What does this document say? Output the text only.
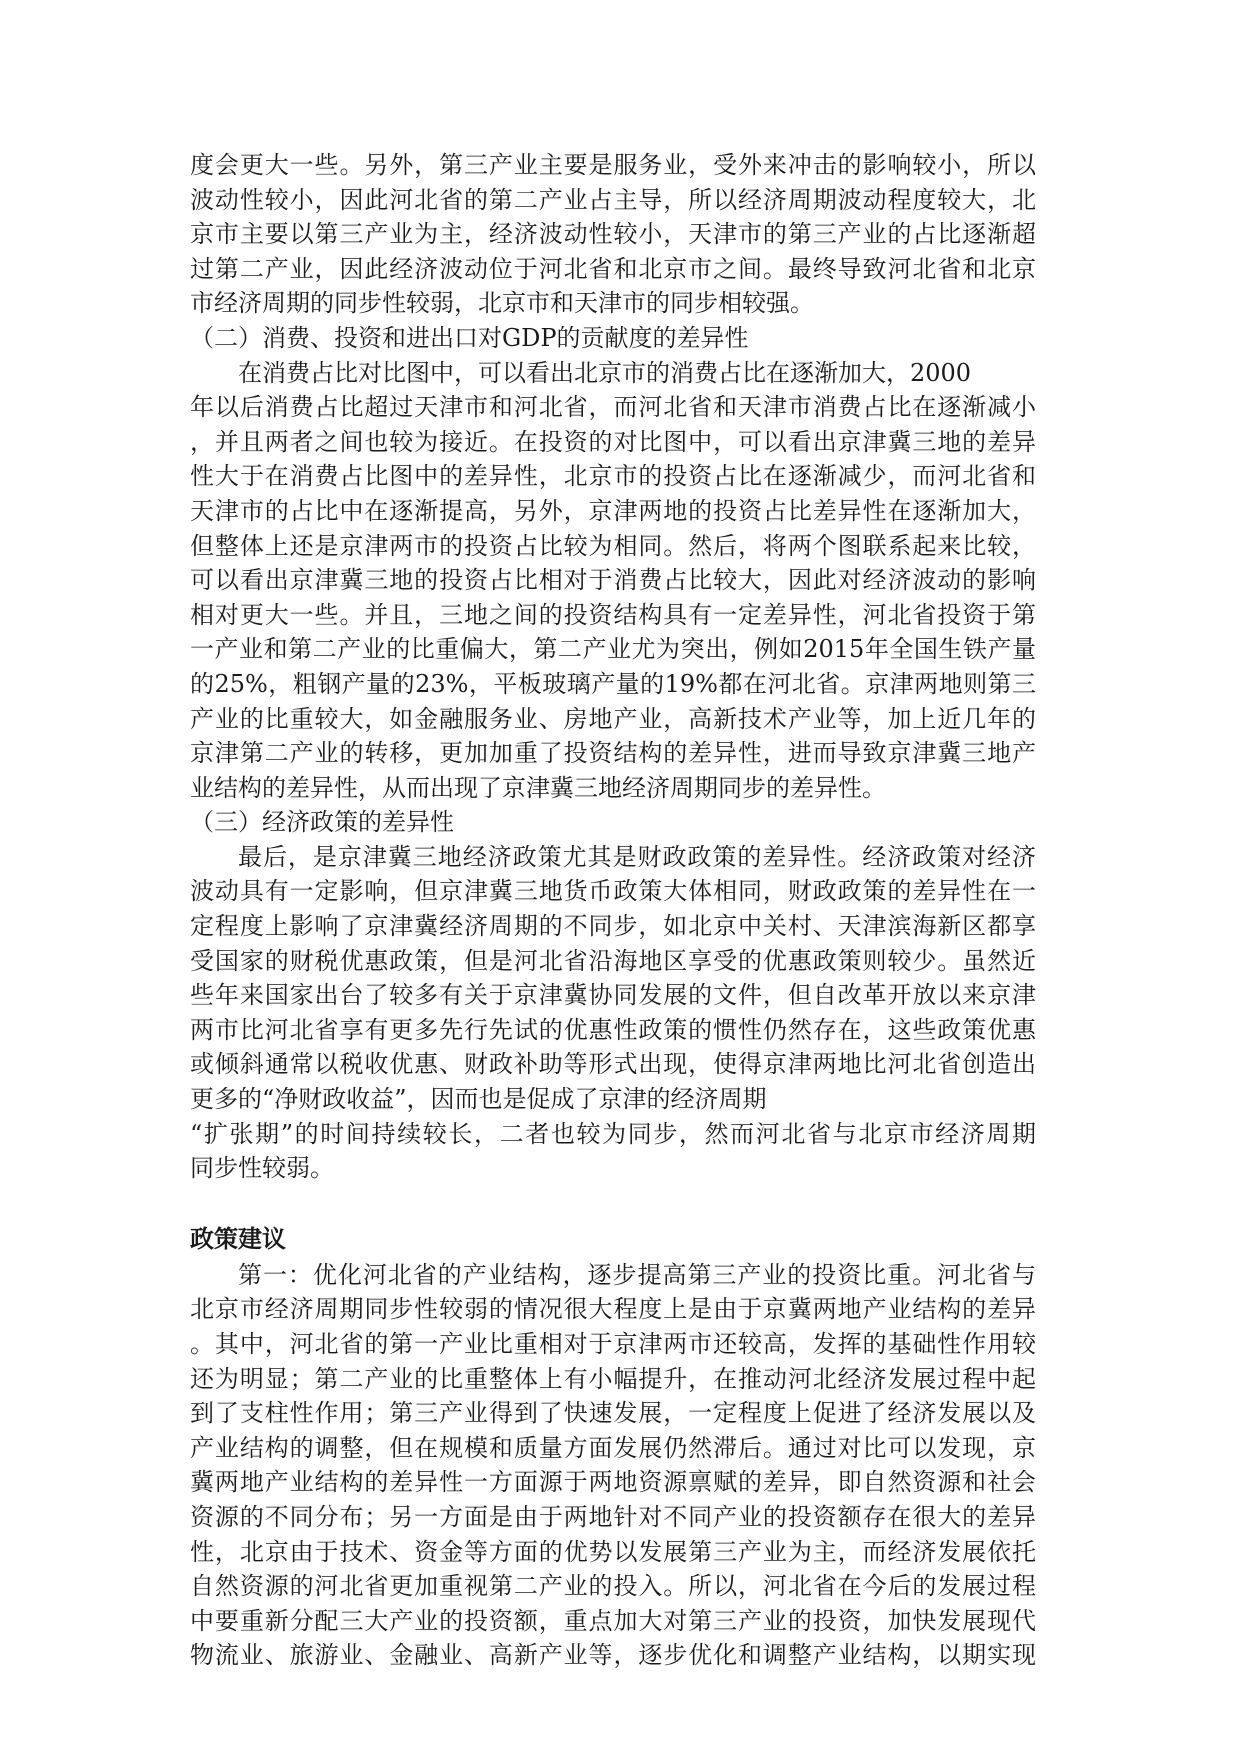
度会更大一些。另外，第三产业主要是服务业，受外来冲击的影响较小，所以
波动性较小，因此河北省的第二产业占主导，所以经济周期波动程度较大，北
京市主要以第三产业为主，经济波动性较小，天津市的第三产业的占比逐渐超
过第二产业，因此经济波动位于河北省和北京市之间。最终导致河北省和北京
市经济周期的同步性较弱，北京市和天津市的同步相较强。
（二）消费、投资和进出口对GDP的贡献度的差异性
在消费占比对比图中，可以看出北京市的消费占比在逐渐加大，2000
年以后消费占比超过天津市和河北省，而河北省和天津市消费占比在逐渐减小
，并且两者之间也较为接近。在投资的对比图中，可以看出京津冀三地的差异
性大于在消费占比图中的差异性，北京市的投资占比在逐渐减少，而河北省和
天津市的占比中在逐渐提高，另外，京津两地的投资占比差异性在逐渐加大，
但整体上还是京津两市的投资占比较为相同。然后，将两个图联系起来比较，
可以看出京津冀三地的投资占比相对于消费占比较大，因此对经济波动的影响
相对更大一些。并且，三地之间的投资结构具有一定差异性，河北省投资于第
一产业和第二产业的比重偏大，第二产业尤为突出，例如2015年全国生铁产量
的25%，粗钢产量的23%，平板玻璃产量的19%都在河北省。京津两地则第三
产业的比重较大，如金融服务业、房地产业，高新技术产业等，加上近几年的
京津第二产业的转移，更加加重了投资结构的差异性，进而导致京津冀三地产
业结构的差异性，从而出现了京津冀三地经济周期同步的差异性。
（三）经济政策的差异性
最后，是京津冀三地经济政策尤其是财政政策的差异性。经济政策对经济
波动具有一定影响，但京津冀三地货币政策大体相同，财政政策的差异性在一
定程度上影响了京津冀经济周期的不同步，如北京中关村、天津滨海新区都享
受国家的财税优惠政策，但是河北省沿海地区享受的优惠政策则较少。虽然近
些年来国家出台了较多有关于京津冀协同发展的文件，但自改革开放以来京津
两市比河北省享有更多先行先试的优惠性政策的惯性仍然存在，这些政策优惠
或倾斜通常以税收优惠、财政补助等形式出现，使得京津两地比河北省创造出
更多的“净财政收益”，因而也是促成了京津的经济周期
“扩张期”的时间持续较长，二者也较为同步，然而河北省与北京市经济周期
同步性较弱。
政策建议
第一：优化河北省的产业结构，逐步提高第三产业的投资比重。河北省与
北京市经济周期同步性较弱的情况很大程度上是由于京冀两地产业结构的差异
。其中，河北省的第一产业比重相对于京津两市还较高，发挥的基础性作用较
还为明显；第二产业的比重整体上有小幅提升，在推动河北经济发展过程中起
到了支柱性作用；第三产业得到了快速发展，一定程度上促进了经济发展以及
产业结构的调整，但在规模和质量方面发展仍然滞后。通过对比可以发现，京
冀两地产业结构的差异性一方面源于两地资源禀赋的差异，即自然资源和社会
资源的不同分布；另一方面是由于两地针对不同产业的投资额存在很大的差异
性，北京由于技术、资金等方面的优势以发展第三产业为主，而经济发展依托
自然资源的河北省更加重视第二产业的投入。所以，河北省在今后的发展过程
中要重新分配三大产业的投资额，重点加大对第三产业的投资，加快发展现代
物流业、旅游业、金融业、高新产业等，逐步优化和调整产业结构，以期实现
